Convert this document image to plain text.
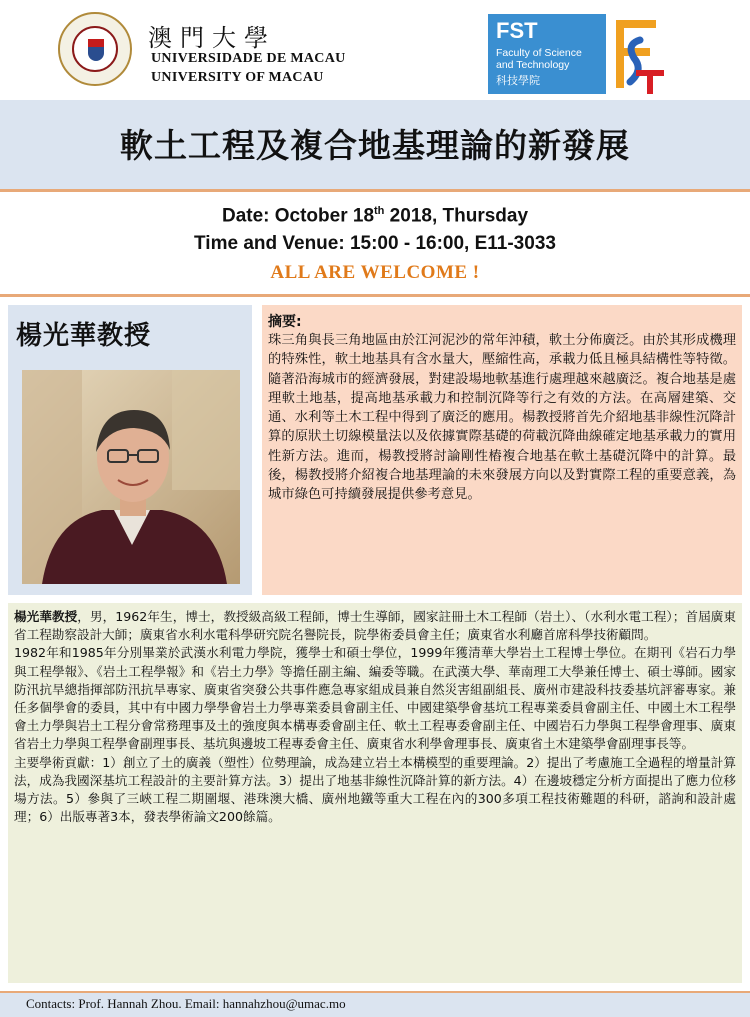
澳門大學
UNIVERSIDADE DE MACAU
UNIVERSITY OF MACAU
FST
Faculty of Science
and Technology
科技學院
軟土工程及複合地基理論的新發展
Date: October 18th 2018, Thursday
Time and Venue: 15:00 - 16:00, E11-3033
ALL ARE WELCOME !
楊光華教授	摘要:
珠三角與長三角地區由於江河泥沙的常年沖積，軟土分佈廣泛。由於其形成機理的特殊性，軟土地基具有含水量大，壓縮性高，承載力低且極具結構性等特徵。隨著沿海城市的經濟發展，對建設場地軟基進行處理越來越廣泛。複合地基是處理軟土地基，提高地基承載力和控制沉降等行之有效的方法。在高層建築、交通、水利等土木工程中得到了廣泛的應用。楊教授將首先介紹地基非線性沉降計算的原狀土切線模量法以及依據實際基礎的荷載沉降曲線確定地基承載力的實用性新方法。進而，楊教授將討論剛性樁複合地基在軟土基礎沉降中的計算。最後，楊教授將介紹複合地基理論的未來發展方向以及對實際工程的重要意義，為城市綠色可持續發展提供參考意見。
楊光華教授，男，1962年生，博士，教授級高級工程師，博士生導師，國家註冊土木工程師（岩土）、（水利水電工程）；首屆廣東省工程勘察設計大師；廣東省水利水電科學研究院名譽院長，院學術委員會主任；廣東省水利廳首席科學技術顧問。
1982年和1985年分別畢業於武漢水利電力學院，獲學士和碩士學位，1999年獲清華大學岩土工程博士學位。在期刊《岩石力學與工程學報》、《岩土工程學報》和《岩土力學》等擔任副主編、編委等職。在武漢大學、華南理工大學兼任博士、碩士導師。國家防汛抗旱總指揮部防汛抗旱專家、廣東省突發公共事件應急專家組成員兼自然災害組副組長、廣州市建設科技委基坑評審專家。兼任多個學會的委員，其中有中國力學學會岩土力學專業委員會副主任、中國建築學會基坑工程專業委員會副主任、中國土木工程學會土力學與岩土工程分會常務理事及土的強度與本構專委會副主任、軟土工程專委會副主任、中國岩石力學與工程學會理事、廣東省岩土力學與工程學會副理事長、基坑與邊坡工程專委會主任、廣東省水利學會理事長、廣東省土木建築學會副理事長等。
主要學術貢獻：1）創立了土的廣義（塑性）位勢理論，成為建立岩土本構模型的重要理論。2）提出了考慮施工全過程的增量計算法，成為我國深基坑工程設計的主要計算方法。3）提出了地基非線性沉降計算的新方法。4）在邊坡穩定分析方面提出了應力位移場方法。5）參與了三峽工程二期圍堰、港珠澳大橋、廣州地鐵等重大工程在內的300多項工程技術難題的科研，諮詢和設計處理；6）出版專著3本，發表學術論文200餘篇。
Contacts: Prof. Hannah Zhou. Email: hannahzhou@umac.mo
